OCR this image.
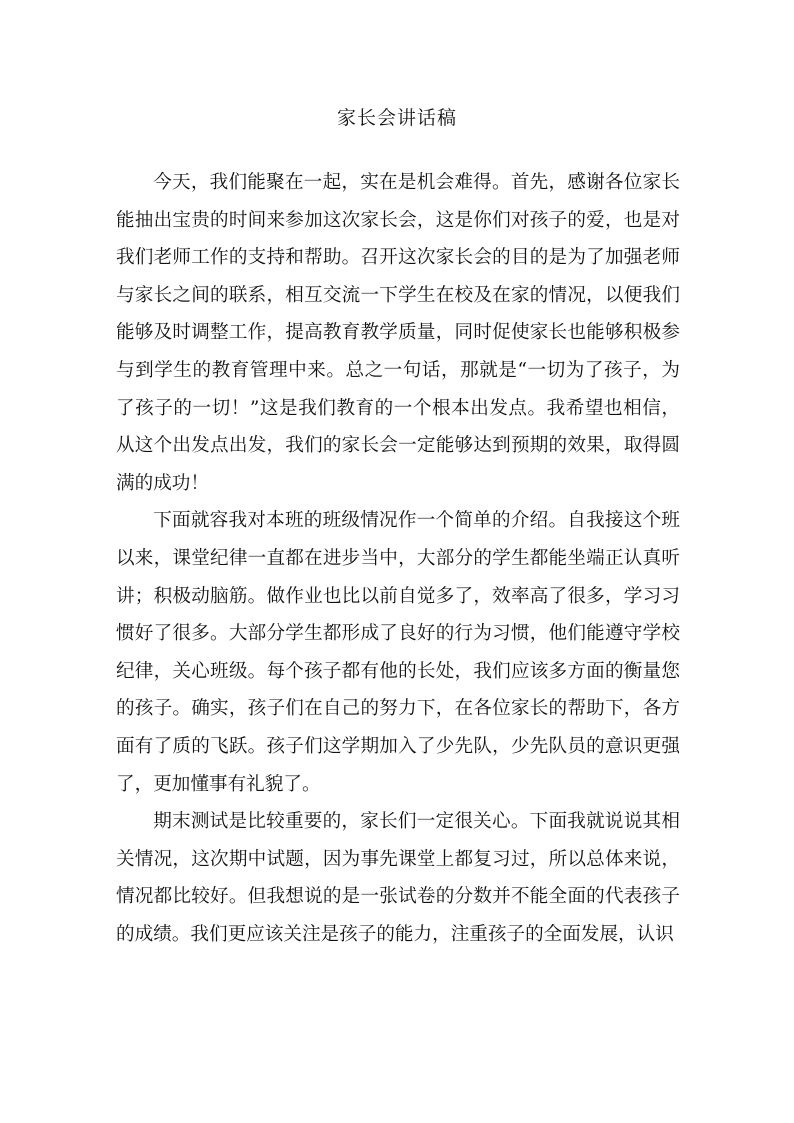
家长会讲话稿

今天，我们能聚在一起，实在是机会难得。首先，感谢各位家长能抽出宝贵的时间来参加这次家长会，这是你们对孩子的爱，也是对我们老师工作的支持和帮助。召开这次家长会的目的是为了加强老师与家长之间的联系，相互交流一下学生在校及在家的情况，以便我们能够及时调整工作，提高教育教学质量，同时促使家长也能够积极参与到学生的教育管理中来。总之一句话，那就是“一切为了孩子，为了孩子的一切！”这是我们教育的一个根本出发点。我希望也相信，从这个出发点出发，我们的家长会一定能够达到预期的效果，取得圆满的成功！

下面就容我对本班的班级情况作一个简单的介绍。自我接这个班以来，课堂纪律一直都在进步当中，大部分的学生都能坐端正认真听讲；积极动脑筋。做作业也比以前自觉多了，效率高了很多，学习习惯好了很多。大部分学生都形成了良好的行为习惯，他们能遵守学校纪律，关心班级。每个孩子都有他的长处，我们应该多方面的衡量您的孩子。确实，孩子们在自己的努力下，在各位家长的帮助下，各方面有了质的飞跃。孩子们这学期加入了少先队，少先队员的意识更强了，更加懂事有礼貌了。

期末测试是比较重要的，家长们一定很关心。下面我就说说其相关情况，这次期中试题，因为事先课堂上都复习过，所以总体来说，情况都比较好。但我想说的是一张试卷的分数并不能全面的代表孩子的成绩。我们更应该关注是孩子的能力，注重孩子的全面发展，认识
